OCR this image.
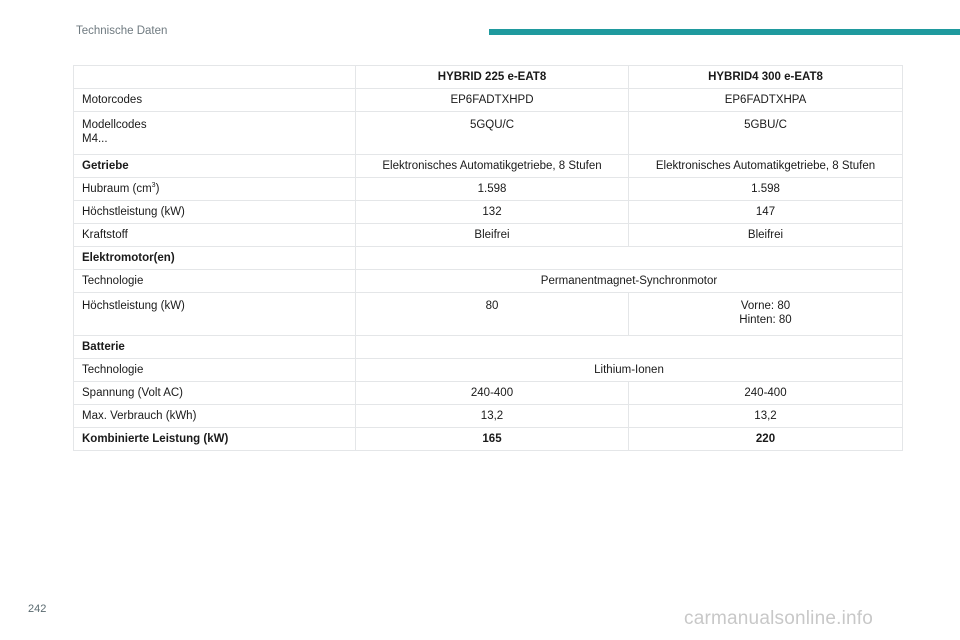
Technische Daten
	HYBRID 225 e-EAT8	HYBRID4 300 e-EAT8
Motorcodes	EP6FADTXHPD	EP6FADTXHPA

Modellcodes
M4...	5GQU/C	5GBU/C
Getriebe	Elektronisches Automatikgetriebe, 8 Stufen	Elektronisches Automatikgetriebe, 8 Stufen
Hubraum $(cm^3)$	1.598	1.598
Höchstleistung (kW)	132	147
Kraftstoff	Bleifrei	Bleifrei
Elektromotor(en)		
Technologie	Permanentmagnet-Synchronmotor	
Höchstleistung (kW)	80	Vorne: 80
Hinten: 80

Batterie		
Technologie	Lithium-Ionen	
Spannung (Volt AC)	240-400	240-400
Max. Verbrauch (kWh)	13,2	13,2
Kombinierte Leistung (kW)	165	220
242	carmanualsonline.info
